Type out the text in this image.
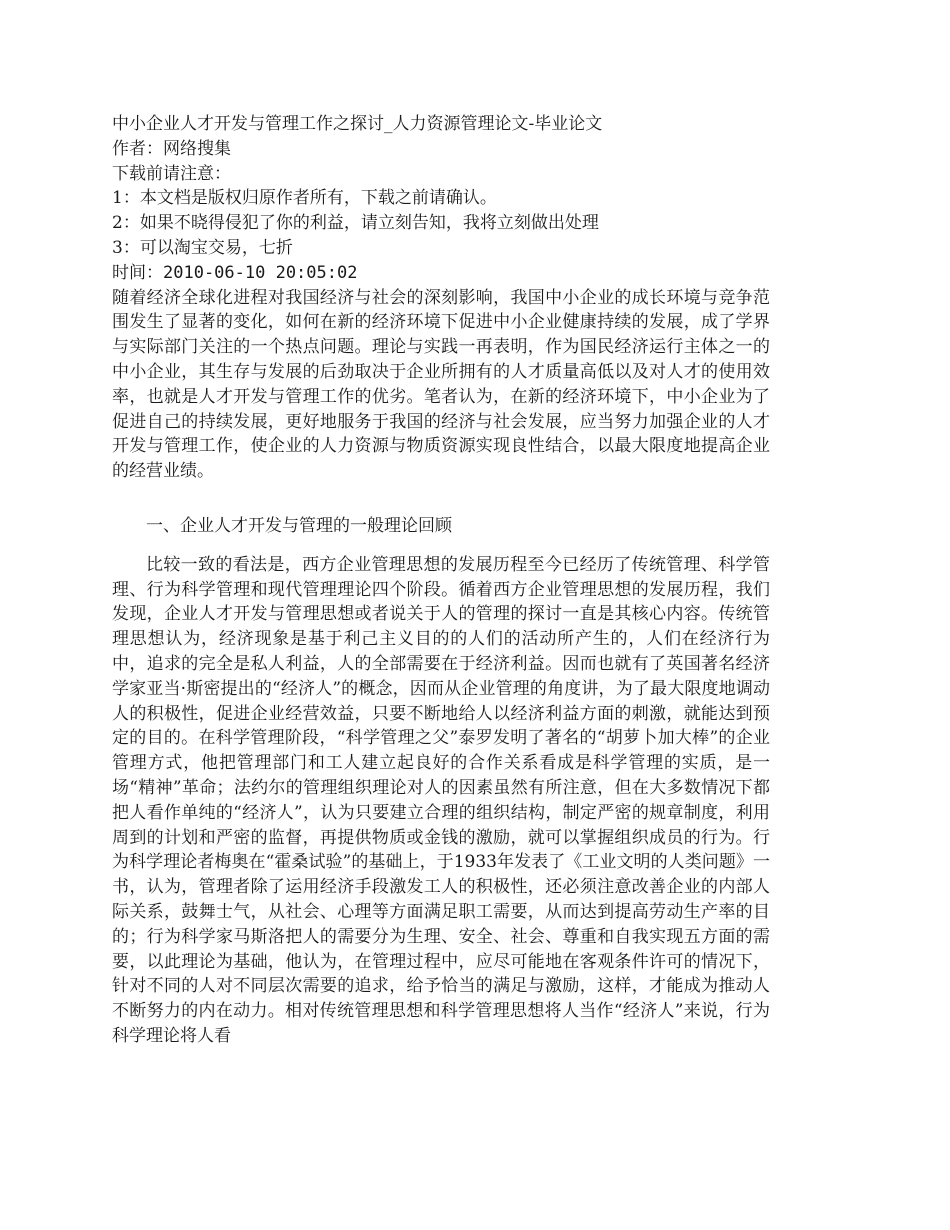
中小企业人才开发与管理工作之探讨_人力资源管理论文-毕业论文
作者：网络搜集
下载前请注意：
1：本文档是版权归原作者所有，下载之前请确认。
2：如果不晓得侵犯了你的利益，请立刻告知，我将立刻做出处理
3：可以淘宝交易，七折
时间：2010-06-10 20:05:02

随着经济全球化进程对我国经济与社会的深刻影响，我国中小企业的成长环境与竞争范围发生了显著的变化，如何在新的经济环境下促进中小企业健康持续的发展，成了学界与实际部门关注的一个热点问题。理论与实践一再表明，作为国民经济运行主体之一的中小企业，其生存与发展的后劲取决于企业所拥有的人才质量高低以及对人才的使用效率，也就是人才开发与管理工作的优劣。笔者认为，在新的经济环境下，中小企业为了促进自己的持续发展，更好地服务于我国的经济与社会发展，应当努力加强企业的人才开发与管理工作，使企业的人力资源与物质资源实现良性结合，以最大限度地提高企业的经营业绩。

一、企业人才开发与管理的一般理论回顾

比较一致的看法是，西方企业管理思想的发展历程至今已经历了传统管理、科学管理、行为科学管理和现代管理理论四个阶段。循着西方企业管理思想的发展历程，我们发现，企业人才开发与管理思想或者说关于人的管理的探讨一直是其核心内容。传统管理思想认为，经济现象是基于利己主义目的的人们的活动所产生的，人们在经济行为中，追求的完全是私人利益，人的全部需要在于经济利益。因而也就有了英国著名经济学家亚当·斯密提出的“经济人”的概念，因而从企业管理的角度讲，为了最大限度地调动人的积极性，促进企业经营效益，只要不断地给人以经济利益方面的刺激，就能达到预定的目的。在科学管理阶段，“科学管理之父”泰罗发明了著名的“胡萝卜加大棒”的企业管理方式，他把管理部门和工人建立起良好的合作关系看成是科学管理的实质，是一场“精神”革命；法约尔的管理组织理论对人的因素虽然有所注意，但在大多数情况下都把人看作单纯的“经济人”，认为只要建立合理的组织结构，制定严密的规章制度，利用周到的计划和严密的监督，再提供物质或金钱的激励，就可以掌握组织成员的行为。行为科学理论者梅奥在“霍桑试验”的基础上，于1933年发表了《工业文明的人类问题》一书，认为，管理者除了运用经济手段激发工人的积极性，还必须注意改善企业的内部人际关系，鼓舞士气，从社会、心理等方面满足职工需要，从而达到提高劳动生产率的目的；行为科学家马斯洛把人的需要分为生理、安全、社会、尊重和自我实现五方面的需要，以此理论为基础，他认为，在管理过程中，应尽可能地在客观条件许可的情况下，针对不同的人对不同层次需要的追求，给予恰当的满足与激励，这样，才能成为推动人不断努力的内在动力。相对传统管理思想和科学管理思想将人当作“经济人”来说，行为科学理论将人看
